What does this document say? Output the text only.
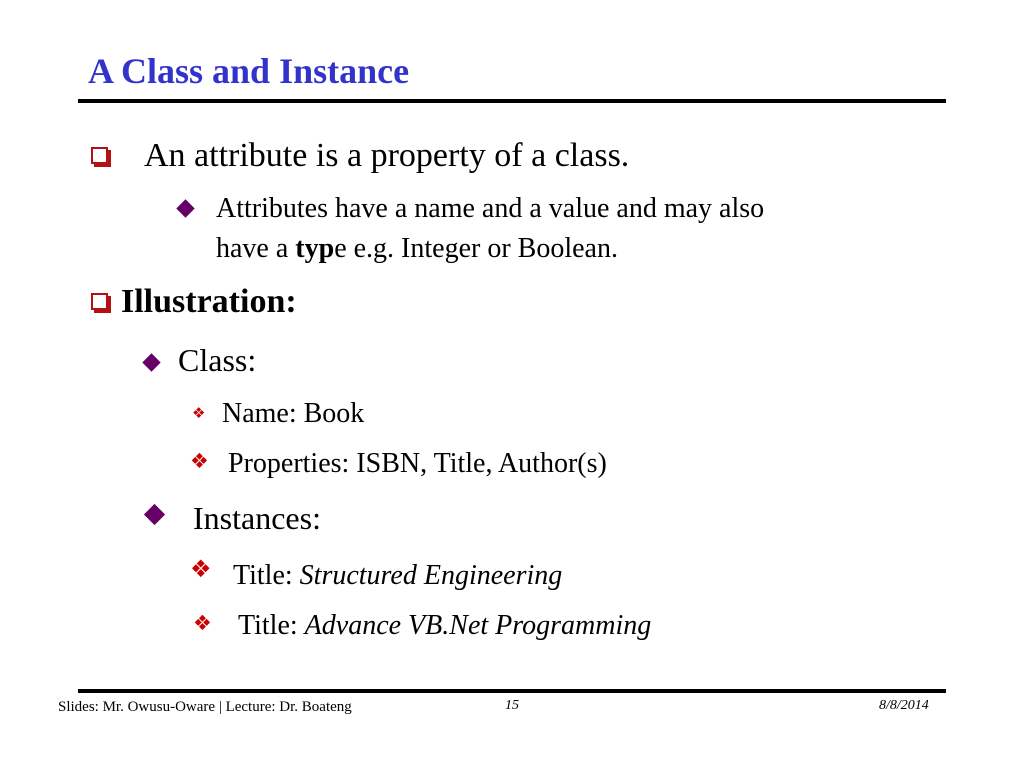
A Class and Instance
An attribute is a property of a class.
Attributes have a name and a value and may also
have a type e.g. Integer or Boolean.
Illustration:
Class:
❖ Name: Book
❖ Properties: ISBN, Title, Author(s)
Instances:
❖ Title: Structured Engineering
❖ Title: Advance VB.Net Programming
Slides: Mr. Owusu-Oware | Lecture: Dr. Boateng	15	8/8/2014
